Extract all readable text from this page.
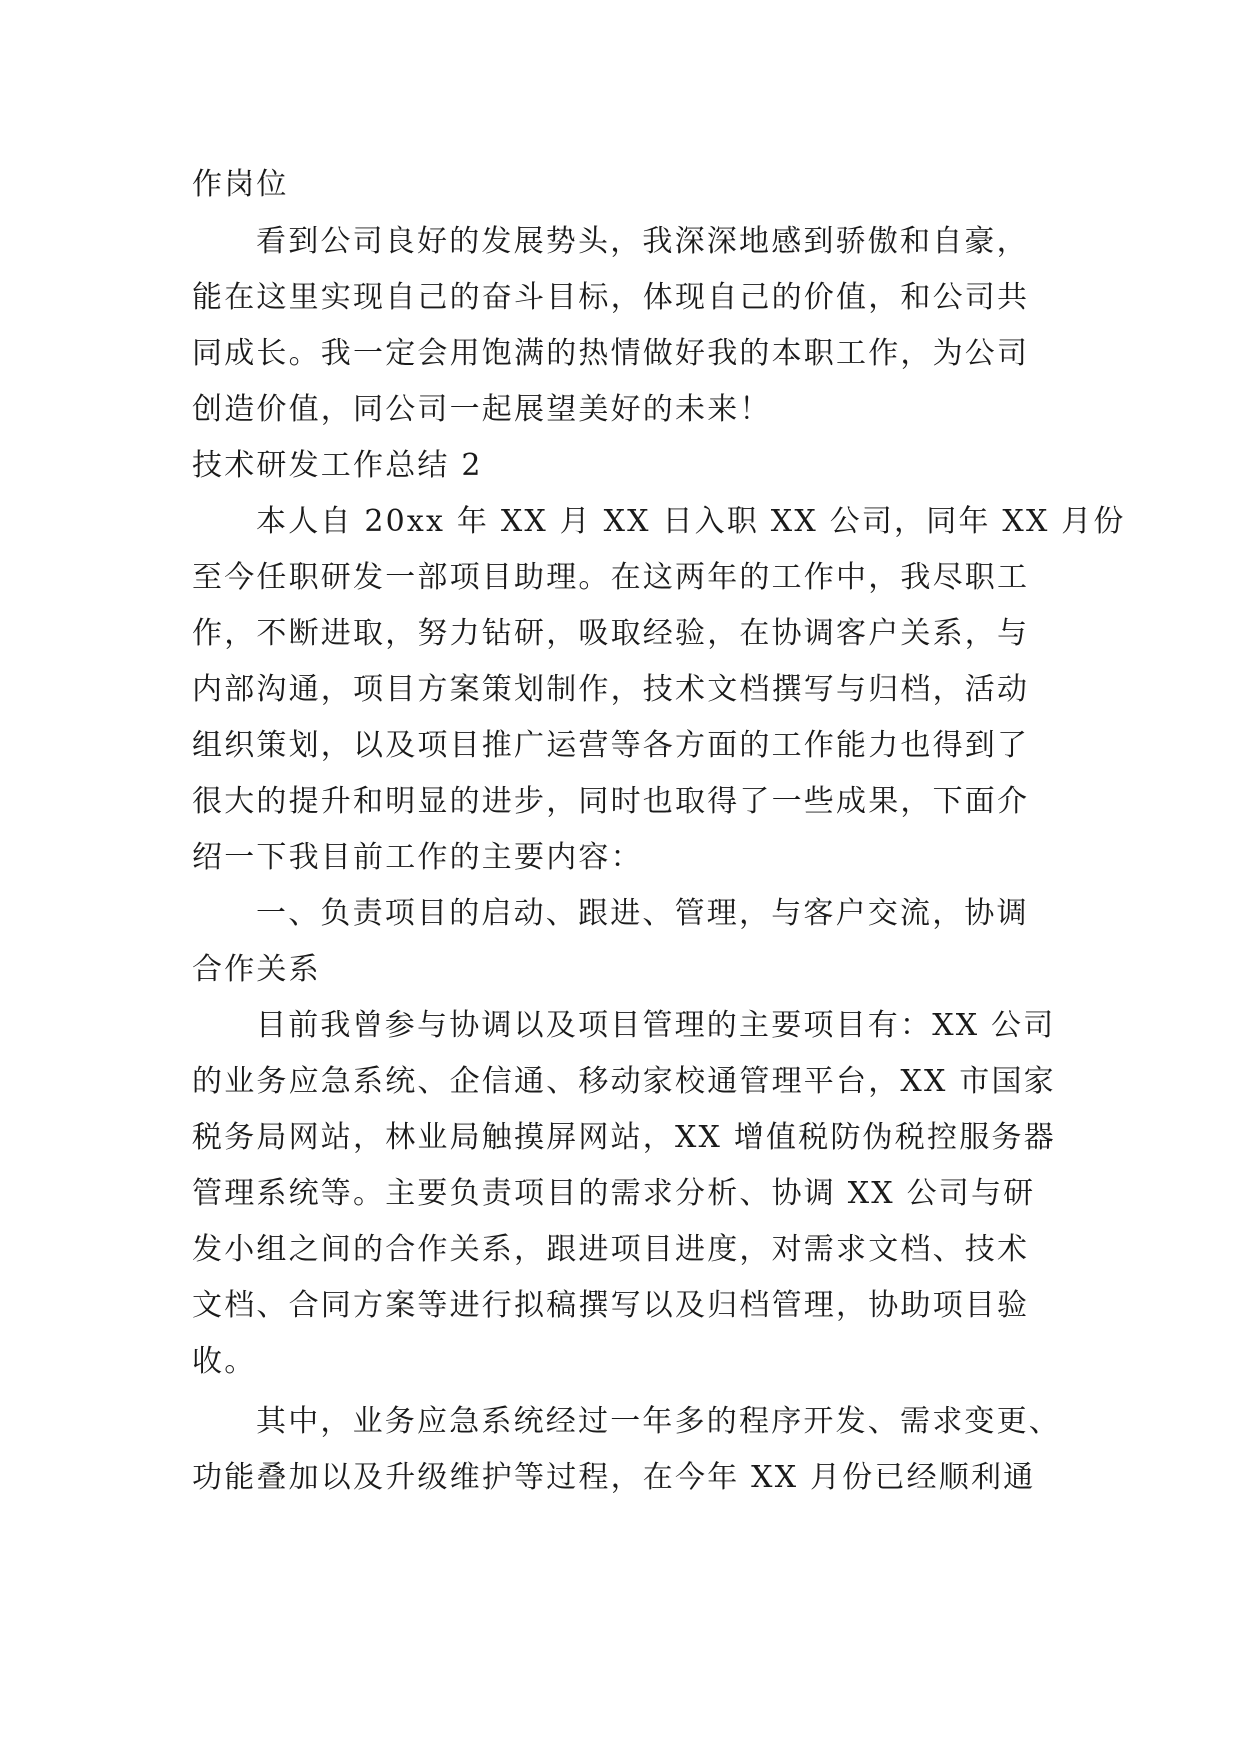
作岗位
看到公司良好的发展势头，我深深地感到骄傲和自豪，
能在这里实现自己的奋斗目标，体现自己的价值，和公司共
同成长。我一定会用饱满的热情做好我的本职工作，为公司
创造价值，同公司一起展望美好的未来！
技术研发工作总结 2
本人自 20xx 年 XX 月 XX 日入职 XX 公司，同年 XX 月份
至今任职研发一部项目助理。在这两年的工作中，我尽职工
作，不断进取，努力钻研，吸取经验，在协调客户关系，与
内部沟通，项目方案策划制作，技术文档撰写与归档，活动
组织策划，以及项目推广运营等各方面的工作能力也得到了
很大的提升和明显的进步，同时也取得了一些成果，下面介
绍一下我目前工作的主要内容：
一、负责项目的启动、跟进、管理，与客户交流，协调
合作关系
目前我曾参与协调以及项目管理的主要项目有：XX 公司
的业务应急系统、企信通、移动家校通管理平台，XX 市国家
税务局网站，林业局触摸屏网站，XX 增值税防伪税控服务器
管理系统等。主要负责项目的需求分析、协调 XX 公司与研
发小组之间的合作关系，跟进项目进度，对需求文档、技术
文档、合同方案等进行拟稿撰写以及归档管理，协助项目验
收。
其中，业务应急系统经过一年多的程序开发、需求变更、
功能叠加以及升级维护等过程，在今年 XX 月份已经顺利通
